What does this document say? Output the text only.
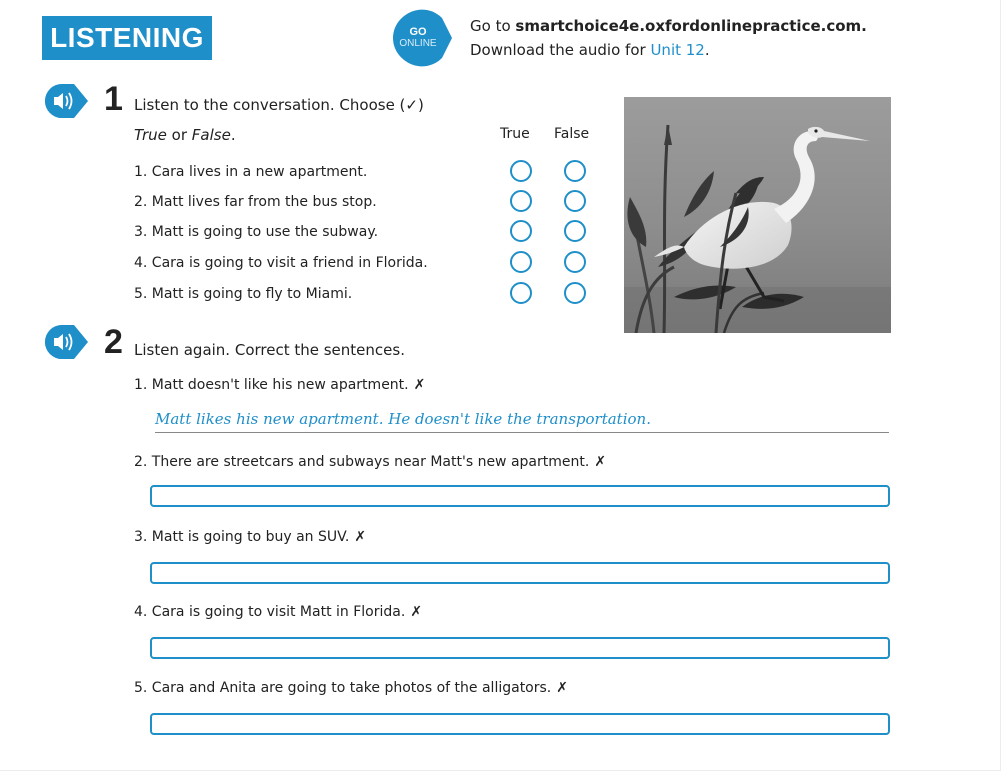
LISTENING	GO
ONLINE
Go to smartchoice4e.oxfordonlinepractice.com.
Download the audio for Unit 12.
1 Listen to the conversation. Choose (✓)
True or False.	True False
1. Cara lives in a new apartment.
2. Matt lives far from the bus stop.
3. Matt is going to use the subway.
4. Cara is going to visit a friend in Florida.
5. Matt is going to fly to Miami.
2 Listen again. Correct the sentences.
1. Matt doesn't like his new apartment. ✗
Matt likes his new apartment. He doesn't like the transportation.
2. There are streetcars and subways near Matt's new apartment. ✗
3. Matt is going to buy an SUV. ✗
4. Cara is going to visit Matt in Florida. ✗
5. Cara and Anita are going to take photos of the alligators. ✗
